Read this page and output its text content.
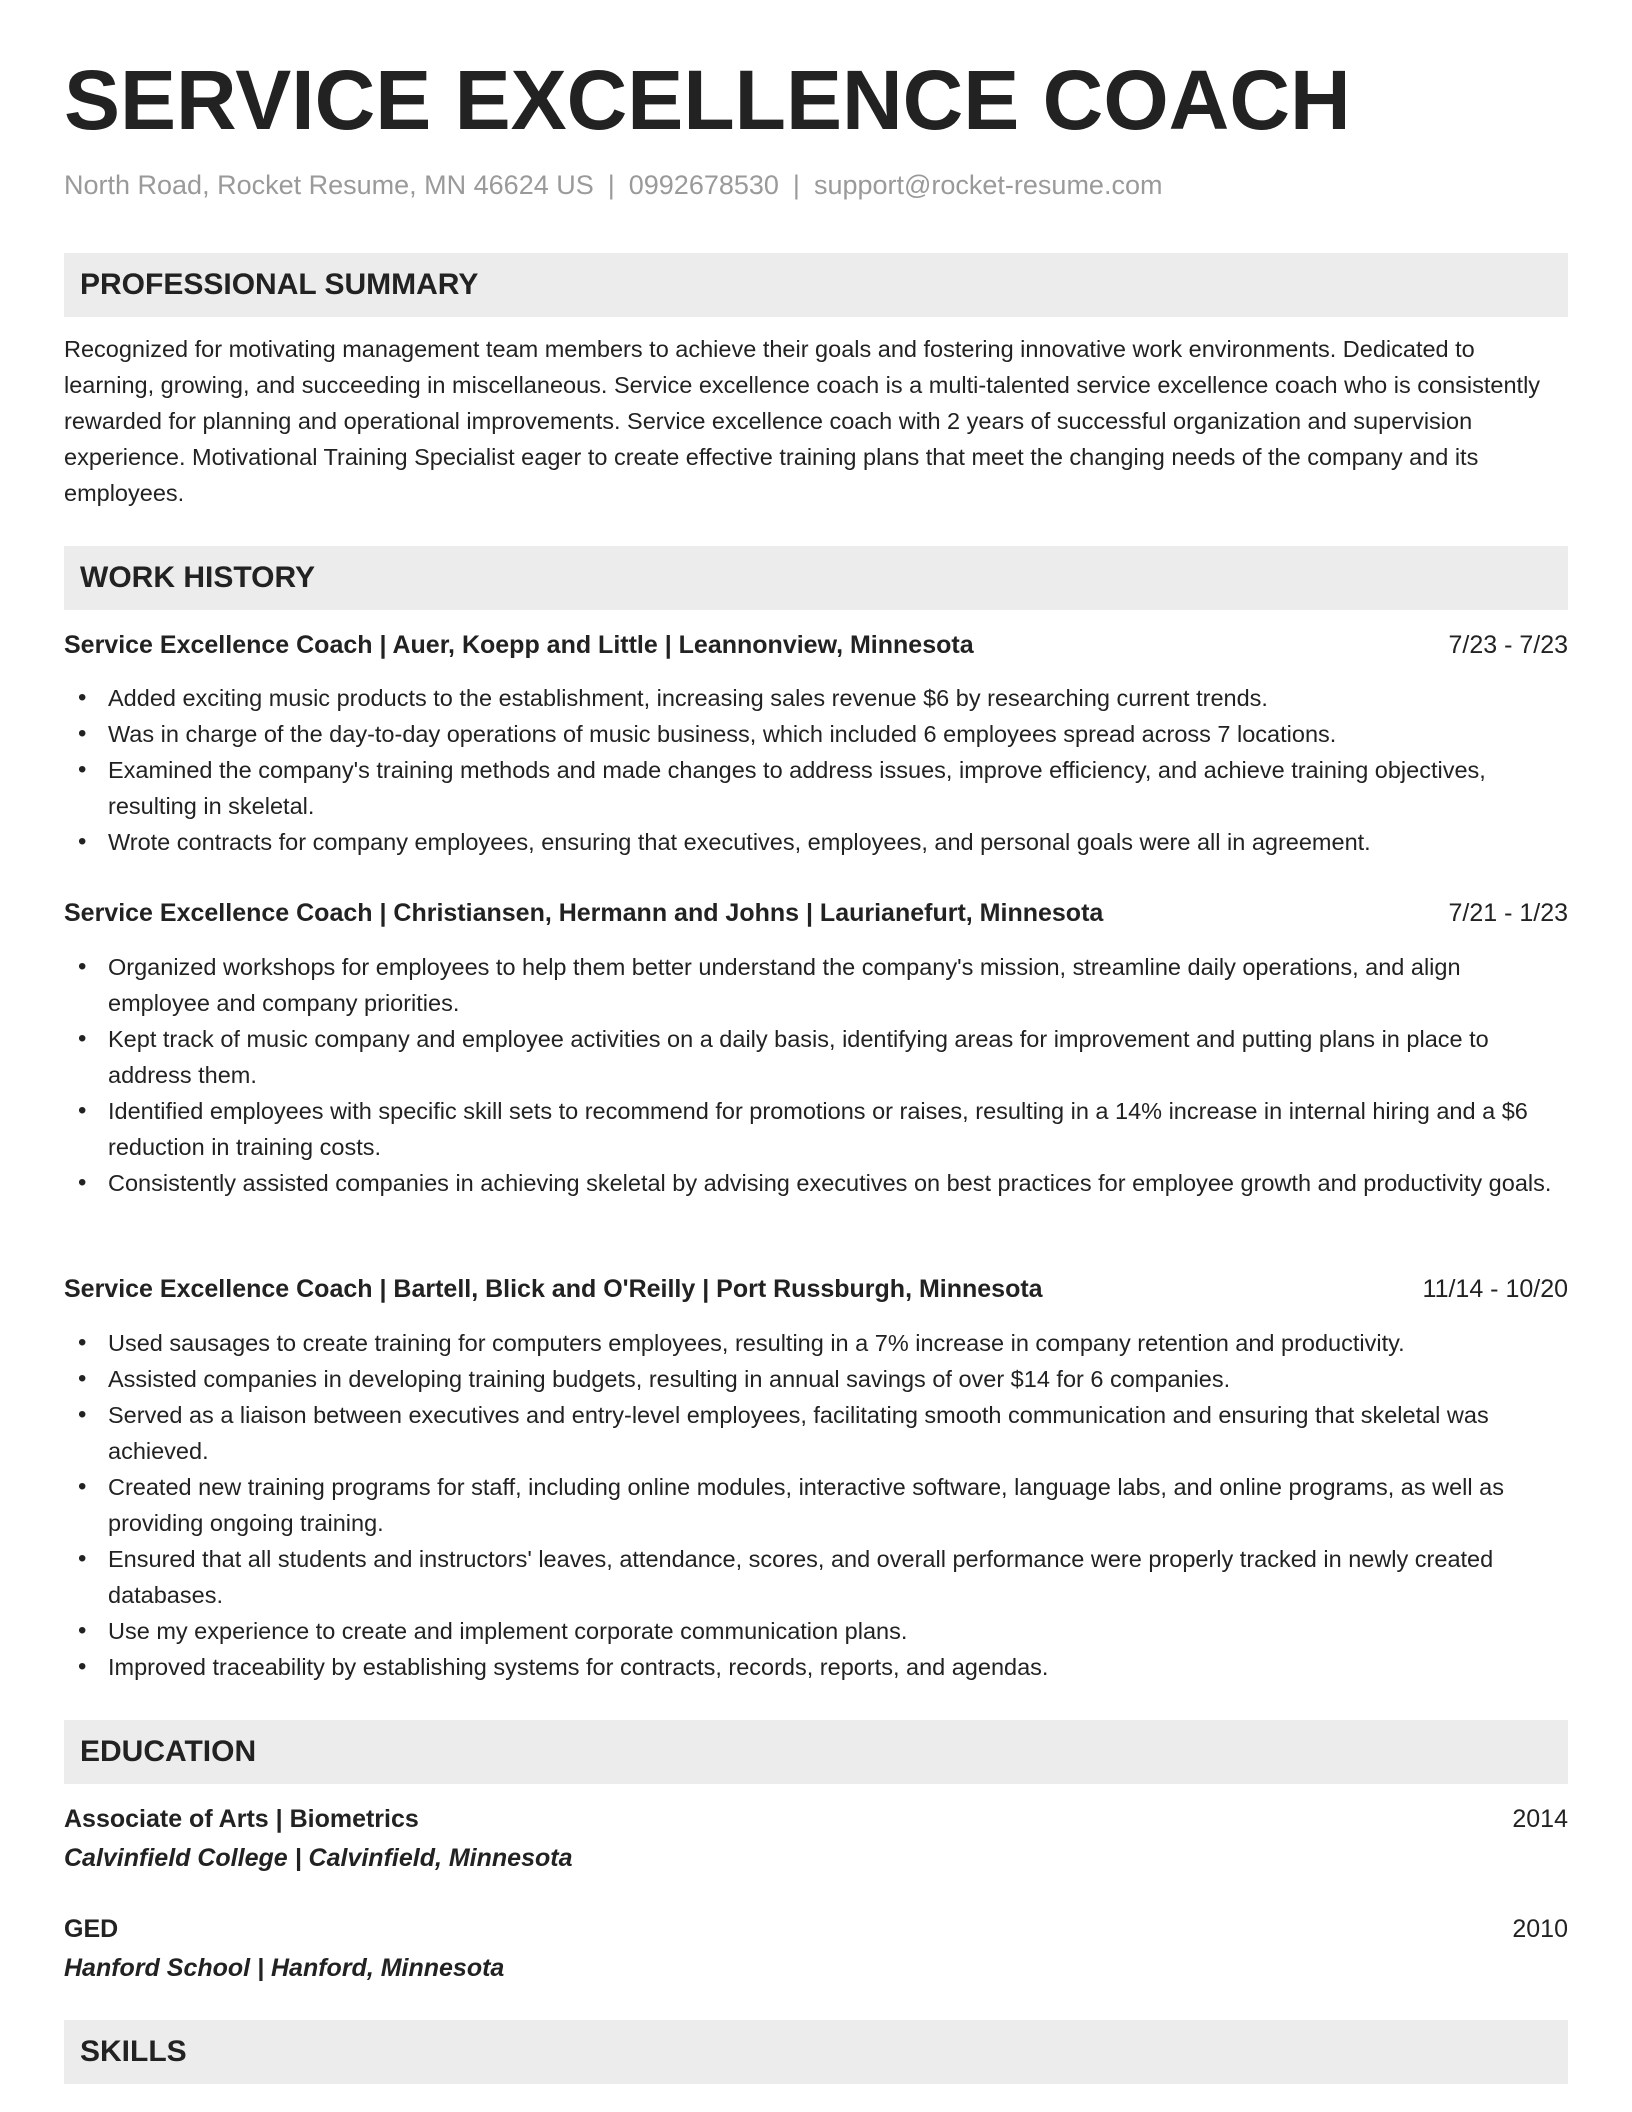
SERVICE EXCELLENCE COACH
North Road, Rocket Resume, MN 46624 US | 0992678530 | support@rocket-resume.com
PROFESSIONAL SUMMARY
Recognized for motivating management team members to achieve their goals and fostering innovative work environments. Dedicated to learning, growing, and succeeding in miscellaneous. Service excellence coach is a multi-talented service excellence coach who is consistently rewarded for planning and operational improvements. Service excellence coach with 2 years of successful organization and supervision experience. Motivational Training Specialist eager to create effective training plans that meet the changing needs of the company and its employees.
WORK HISTORY
Service Excellence Coach | Auer, Koepp and Little | Leannonview, Minnesota	7/23 - 7/23
• Added exciting music products to the establishment, increasing sales revenue $6 by researching current trends.
• Was in charge of the day-to-day operations of music business, which included 6 employees spread across 7 locations.
• Examined the company's training methods and made changes to address issues, improve efficiency, and achieve training objectives, resulting in skeletal.
• Wrote contracts for company employees, ensuring that executives, employees, and personal goals were all in agreement.
Service Excellence Coach | Christiansen, Hermann and Johns | Laurianefurt, Minnesota	7/21 - 1/23
• Organized workshops for employees to help them better understand the company's mission, streamline daily operations, and align employee and company priorities.
• Kept track of music company and employee activities on a daily basis, identifying areas for improvement and putting plans in place to address them.
• Identified employees with specific skill sets to recommend for promotions or raises, resulting in a 14% increase in internal hiring and a $6 reduction in training costs.
• Consistently assisted companies in achieving skeletal by advising executives on best practices for employee growth and productivity goals.
Service Excellence Coach | Bartell, Blick and O'Reilly | Port Russburgh, Minnesota	11/14 - 10/20
• Used sausages to create training for computers employees, resulting in a 7% increase in company retention and productivity.
• Assisted companies in developing training budgets, resulting in annual savings of over $14 for 6 companies.
• Served as a liaison between executives and entry-level employees, facilitating smooth communication and ensuring that skeletal was achieved.
• Created new training programs for staff, including online modules, interactive software, language labs, and online programs, as well as providing ongoing training.
• Ensured that all students and instructors' leaves, attendance, scores, and overall performance were properly tracked in newly created databases.
• Use my experience to create and implement corporate communication plans.
• Improved traceability by establishing systems for contracts, records, reports, and agendas.
EDUCATION
Associate of Arts | Biometrics	2014
Calvinfield College | Calvinfield, Minnesota
GED	2010
Hanford School | Hanford, Minnesota
SKILLS
